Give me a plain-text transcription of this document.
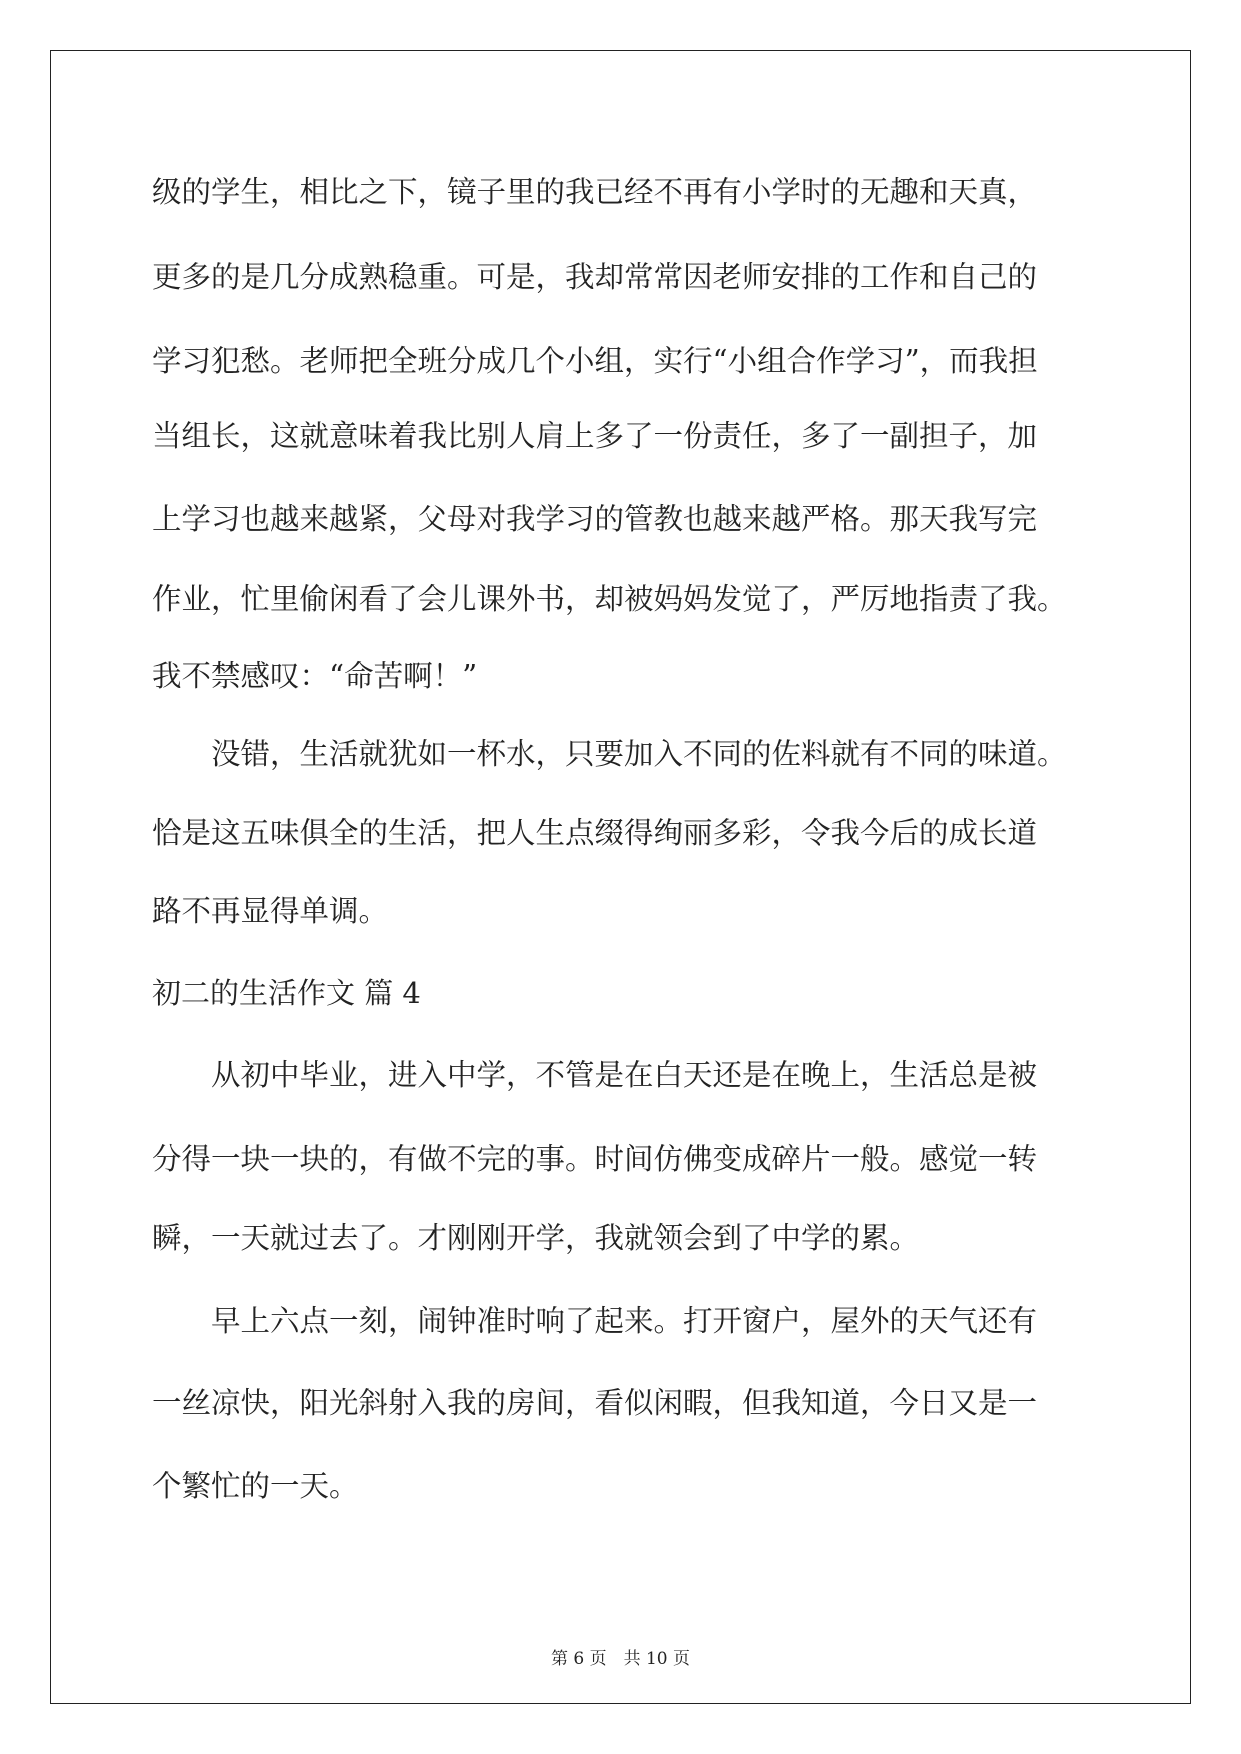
级的学生，相比之下，镜子里的我已经不再有小学时的无趣和天真，
更多的是几分成熟稳重。可是，我却常常因老师安排的工作和自己的
学习犯愁。老师把全班分成几个小组，实行“小组合作学习”，而我担
当组长，这就意味着我比别人肩上多了一份责任，多了一副担子，加
上学习也越来越紧，父母对我学习的管教也越来越严格。那天我写完
作业，忙里偷闲看了会儿课外书，却被妈妈发觉了，严厉地指责了我。
我不禁感叹：“命苦啊！”
　　没错，生活就犹如一杯水，只要加入不同的佐料就有不同的味道。
恰是这五味俱全的生活，把人生点缀得绚丽多彩，令我今后的成长道
路不再显得单调。
初二的生活作文 篇 4
　　从初中毕业，进入中学，不管是在白天还是在晚上，生活总是被
分得一块一块的，有做不完的事。时间仿佛变成碎片一般。感觉一转
瞬，一天就过去了。才刚刚开学，我就领会到了中学的累。
　　早上六点一刻，闹钟准时响了起来。打开窗户，屋外的天气还有
一丝凉快，阳光斜射入我的房间，看似闲暇，但我知道，今日又是一
个繁忙的一天。
第 6 页　共 10 页
